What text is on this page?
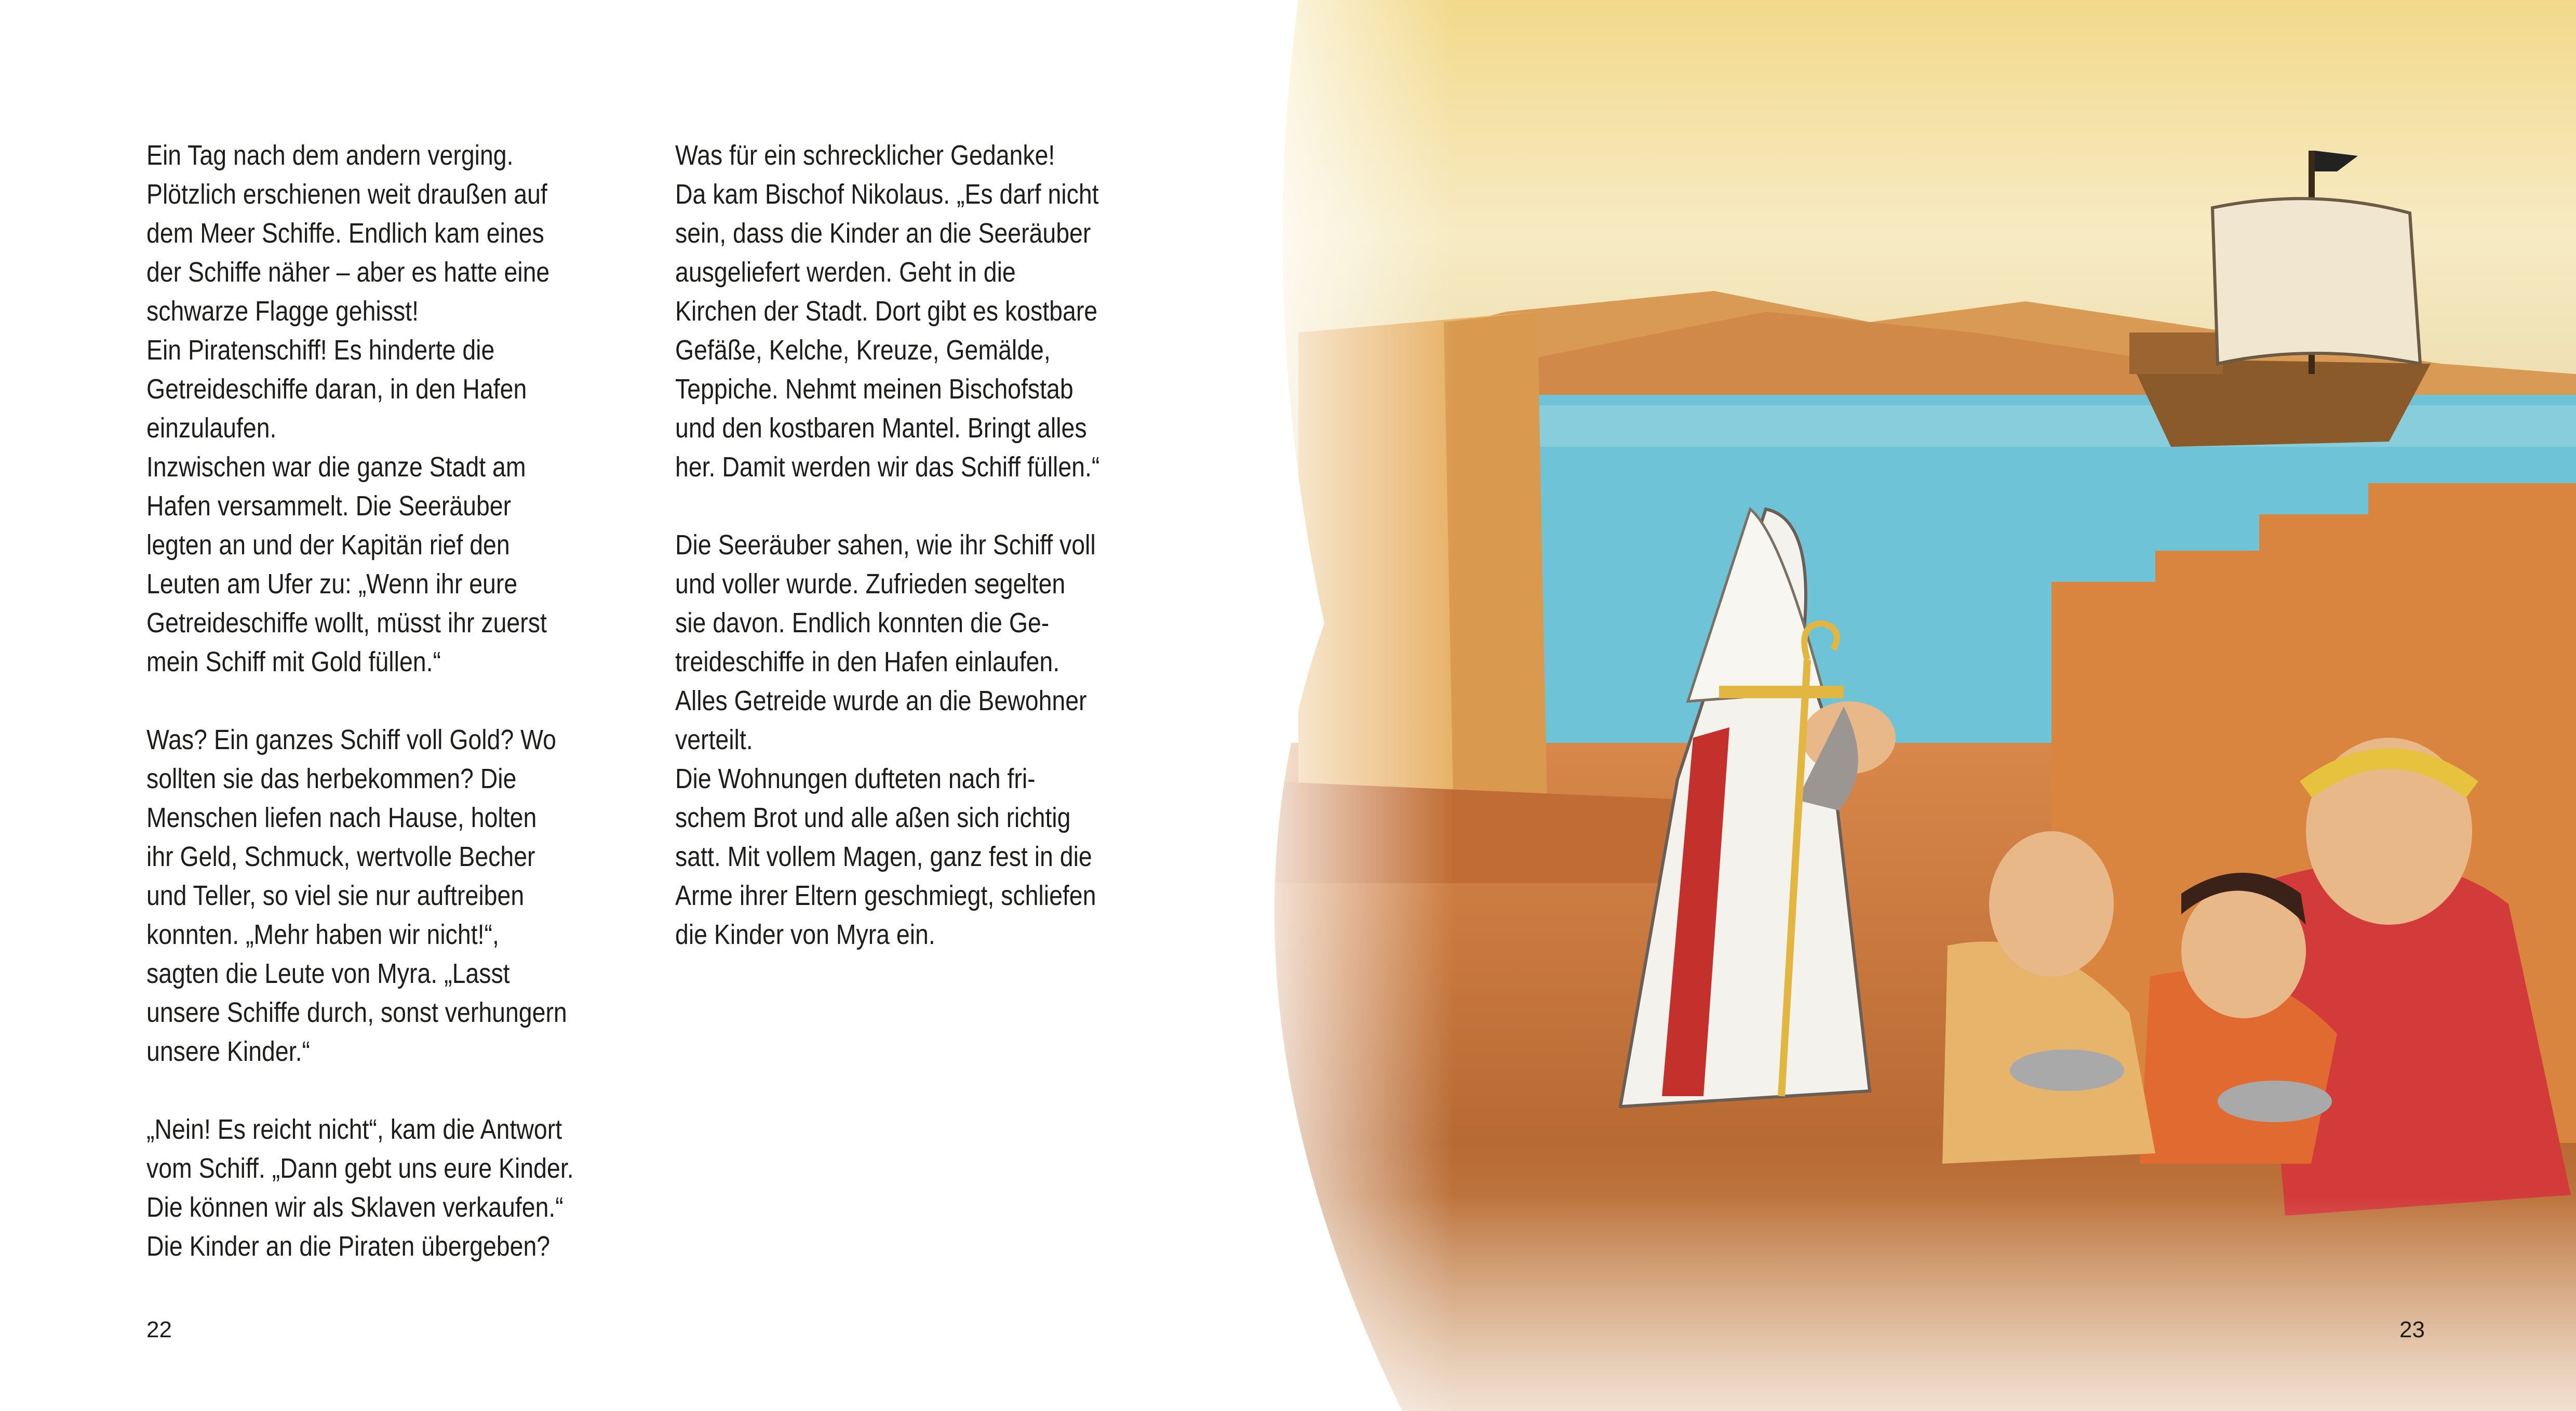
Ein Tag nach dem andern verging.
Plötzlich erschienen weit draußen auf
dem Meer Schiffe. Endlich kam eines
der Schiffe näher – aber es hatte eine
schwarze Flagge gehisst!
Ein Piratenschiff! Es hinderte die
Getreideschiffe daran, in den Hafen
einzulaufen.
Inzwischen war die ganze Stadt am
Hafen versammelt. Die Seeräuber
legten an und der Kapitän rief den
Leuten am Ufer zu: „Wenn ihr eure
Getreideschiffe wollt, müsst ihr zuerst
mein Schiff mit Gold füllen.“
Was? Ein ganzes Schiff voll Gold? Wo
sollten sie das herbekommen? Die
Menschen liefen nach Hause, holten
ihr Geld, Schmuck, wertvolle Becher
und Teller, so viel sie nur auftreiben
konnten. „Mehr haben wir nicht!“,
sagten die Leute von Myra. „Lasst
unsere Schiffe durch, sonst verhungern
unsere Kinder.“
„Nein! Es reicht nicht“, kam die Antwort
vom Schiff. „Dann gebt uns eure Kinder.
Die können wir als Sklaven verkaufen.“
Die Kinder an die Piraten übergeben?
Was für ein schrecklicher Gedanke!
Da kam Bischof Nikolaus. „Es darf nicht
sein, dass die Kinder an die Seeräuber
ausgeliefert werden. Geht in die
Kirchen der Stadt. Dort gibt es kostbare
Gefäße, Kelche, Kreuze, Gemälde,
Teppiche. Nehmt meinen Bischofstab
und den kostbaren Mantel. Bringt alles
her. Damit werden wir das Schiff füllen.“
Die Seeräuber sahen, wie ihr Schiff voll
und voller wurde. Zufrieden segelten
sie davon. Endlich konnten die Ge-
treideschiffe in den Hafen einlaufen.
Alles Getreide wurde an die Bewohner
verteilt.
Die Wohnungen dufteten nach fri-
schem Brot und alle aßen sich richtig
satt. Mit vollem Magen, ganz fest in die
Arme ihrer Eltern geschmiegt, schliefen
die Kinder von Myra ein.
22	23
